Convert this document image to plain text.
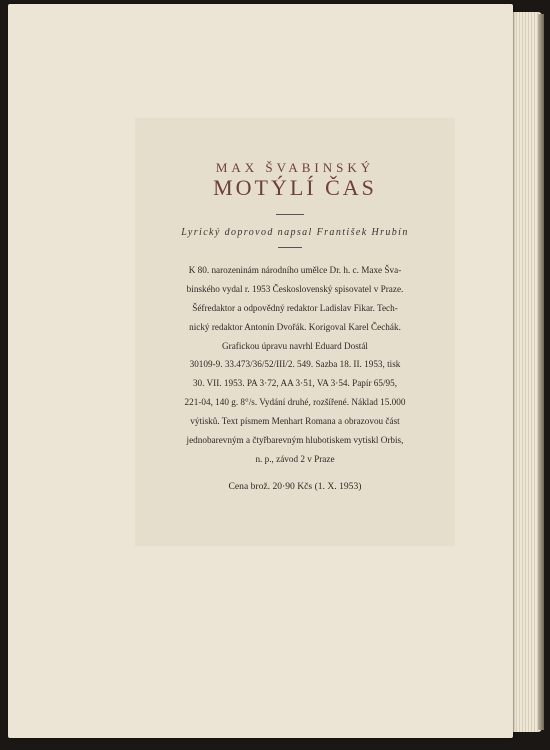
MAX ŠVABINSKÝ
MOTÝLÍ ČAS
Lyrický doprovod napsal František Hrubín
K 80. narozeninám národního umělce Dr. h. c. Maxe Šva-
binského vydal r. 1953 Československý spisovatel v Praze.
Šéfredaktor a odpovědný redaktor Ladislav Fikar. Tech-
nický redaktor Antonín Dvořák. Korigoval Karel Čechák.
Grafickou úpravu navrhl Eduard Dostál
30109-9. 33.473/36/52/III/2. 549. Sazba 18. II. 1953, tisk
30. VII. 1953. PA 3·72, AA 3·51, VA 3·54. Papír 65/95,
221-04, 140 g. 8°/s. Vydání druhé, rozšířené. Náklad 15.000
výtisků. Text písmem Menhart Romana a obrazovou část
jednobarevným a čtyřbarevným hlubotiskem vytiskl Orbis,
n. p., závod 2 v Praze
Cena brož. 20·90 Kčs (1. X. 1953)
